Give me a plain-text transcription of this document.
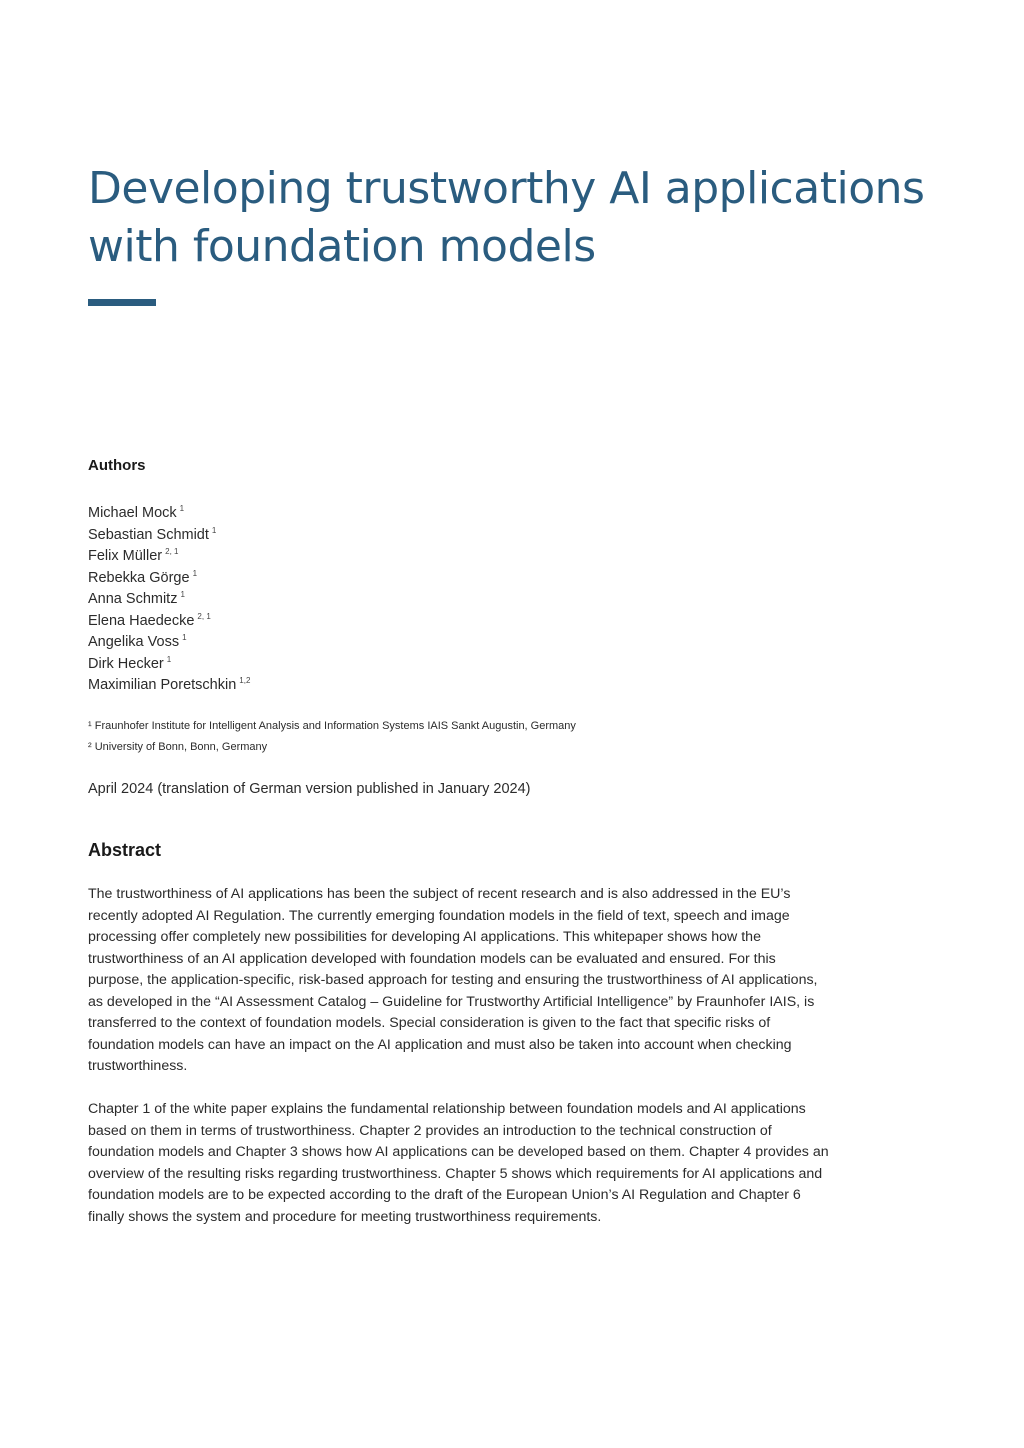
Developing trustworthy AI applications with foundation models
Authors
Michael Mock $^1$
Sebastian Schmidt $^1$
Felix Müller $^{2, 1}$
Rebekka Görge $^1$
Anna Schmitz $^1$
Elena Haedecke $^{2, 1}$
Angelika Voss $^1$
Dirk Hecker $^1$
Maximilian Poretschkin $^{1,2}$
¹ Fraunhofer Institute for Intelligent Analysis and Information Systems IAIS Sankt Augustin, Germany
² University of Bonn, Bonn, Germany

April 2024 (translation of German version published in January 2024)

Abstract

The trustworthiness of AI applications has been the subject of recent research and is also addressed in the EU’s recently adopted AI Regulation. The currently emerging foundation models in the field of text, speech and image processing offer completely new possibilities for developing AI applications. This whitepaper shows how the trustworthiness of an AI application developed with foundation models can be evaluated and ensured. For this purpose, the application-specific, risk-based approach for testing and ensuring the trustworthiness of AI applications, as developed in the “AI Assessment Catalog – Guideline for Trustworthy Artificial Intelligence” by Fraunhofer IAIS, is transferred to the context of foundation models. Special consideration is given to the fact that specific risks of foundation models can have an impact on the AI application and must also be taken into account when checking trustworthiness.

Chapter 1 of the white paper explains the fundamental relationship between foundation models and AI applications based on them in terms of trustworthiness. Chapter 2 provides an introduction to the technical construction of foundation models and Chapter 3 shows how AI applications can be developed based on them. Chapter 4 provides an overview of the resulting risks regarding trustworthiness. Chapter 5 shows which requirements for AI applications and foundation models are to be expected according to the draft of the European Union’s AI Regulation and Chapter 6 finally shows the system and procedure for meeting trustworthiness requirements.
